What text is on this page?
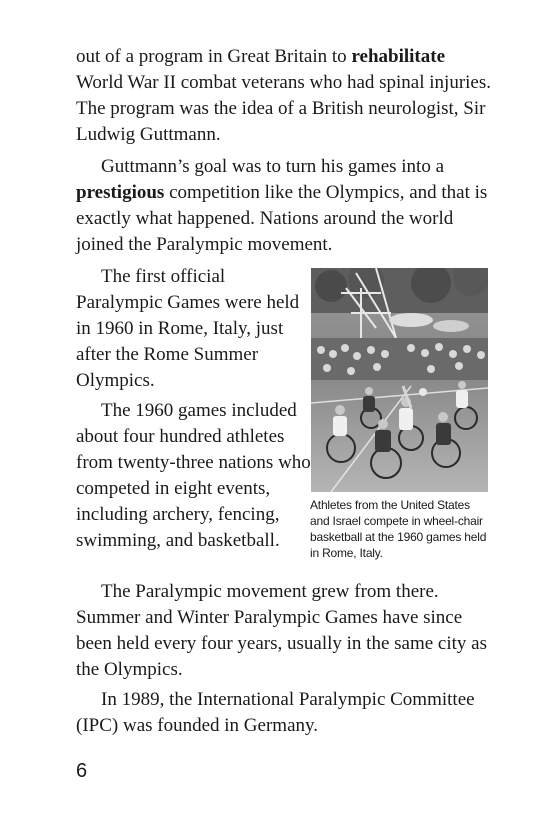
out of a program in Great Britain to rehabilitate World War II combat veterans who had spinal injuries. The program was the idea of a British neurologist, Sir Ludwig Guttmann.

Guttmann’s goal was to turn his games into a prestigious competition like the Olympics, and that is exactly what happened. Nations around the world joined the Paralympic movement.

The first official Paralympic Games were held in 1960 in Rome, Italy, just after the Rome Summer Olympics.

The 1960 games included about four hundred athletes from twenty-three nations who competed in eight events, including archery, fencing, swimming, and basketball.

Athletes from the United States and Israel compete in wheel-chair basketball at the 1960 games held in Rome, Italy.

The Paralympic movement grew from there. Summer and Winter Paralympic Games have since been held every four years, usually in the same city as the Olympics.

In 1989, the International Paralympic Committee (IPC) was founded in Germany.

6
